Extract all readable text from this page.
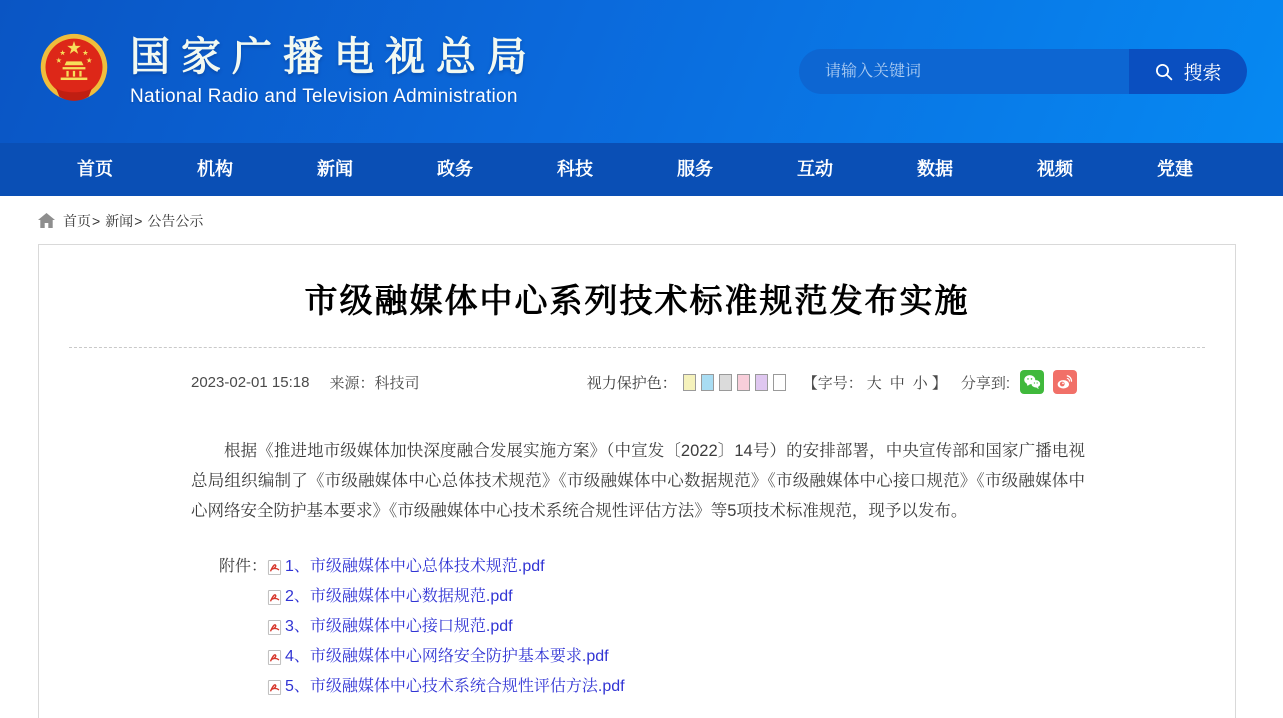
国家广播电视总局
National Radio and Television Administration
请输入关键词
搜索
首页	机构	新闻	政务	科技	服务	互动	数据	视频	党建
首页 > 新闻 > 公告公示
市级融媒体中心系列技术标准规范发布实施
2023-02-01 15:18 来源：科技司	视力保护色：	【字号： 大 中 小 】 分享到:

根据《推进地市级媒体加快深度融合发展实施方案》（中宣发〔2022〕14号）的安排部署，中央宣传部和国家广播电视总局组织编制了《市级融媒体中心总体技术规范》《市级融媒体中心数据规范》《市级融媒体中心接口规范》《市级融媒体中心网络安全防护基本要求》《市级融媒体中心技术系统合规性评估方法》等5项技术标准规范，现予以发布。

附件： 1、市级融媒体中心总体技术规范.pdf
2、市级融媒体中心数据规范.pdf
3、市级融媒体中心接口规范.pdf
4、市级融媒体中心网络安全防护基本要求.pdf
5、市级融媒体中心技术系统合规性评估方法.pdf
